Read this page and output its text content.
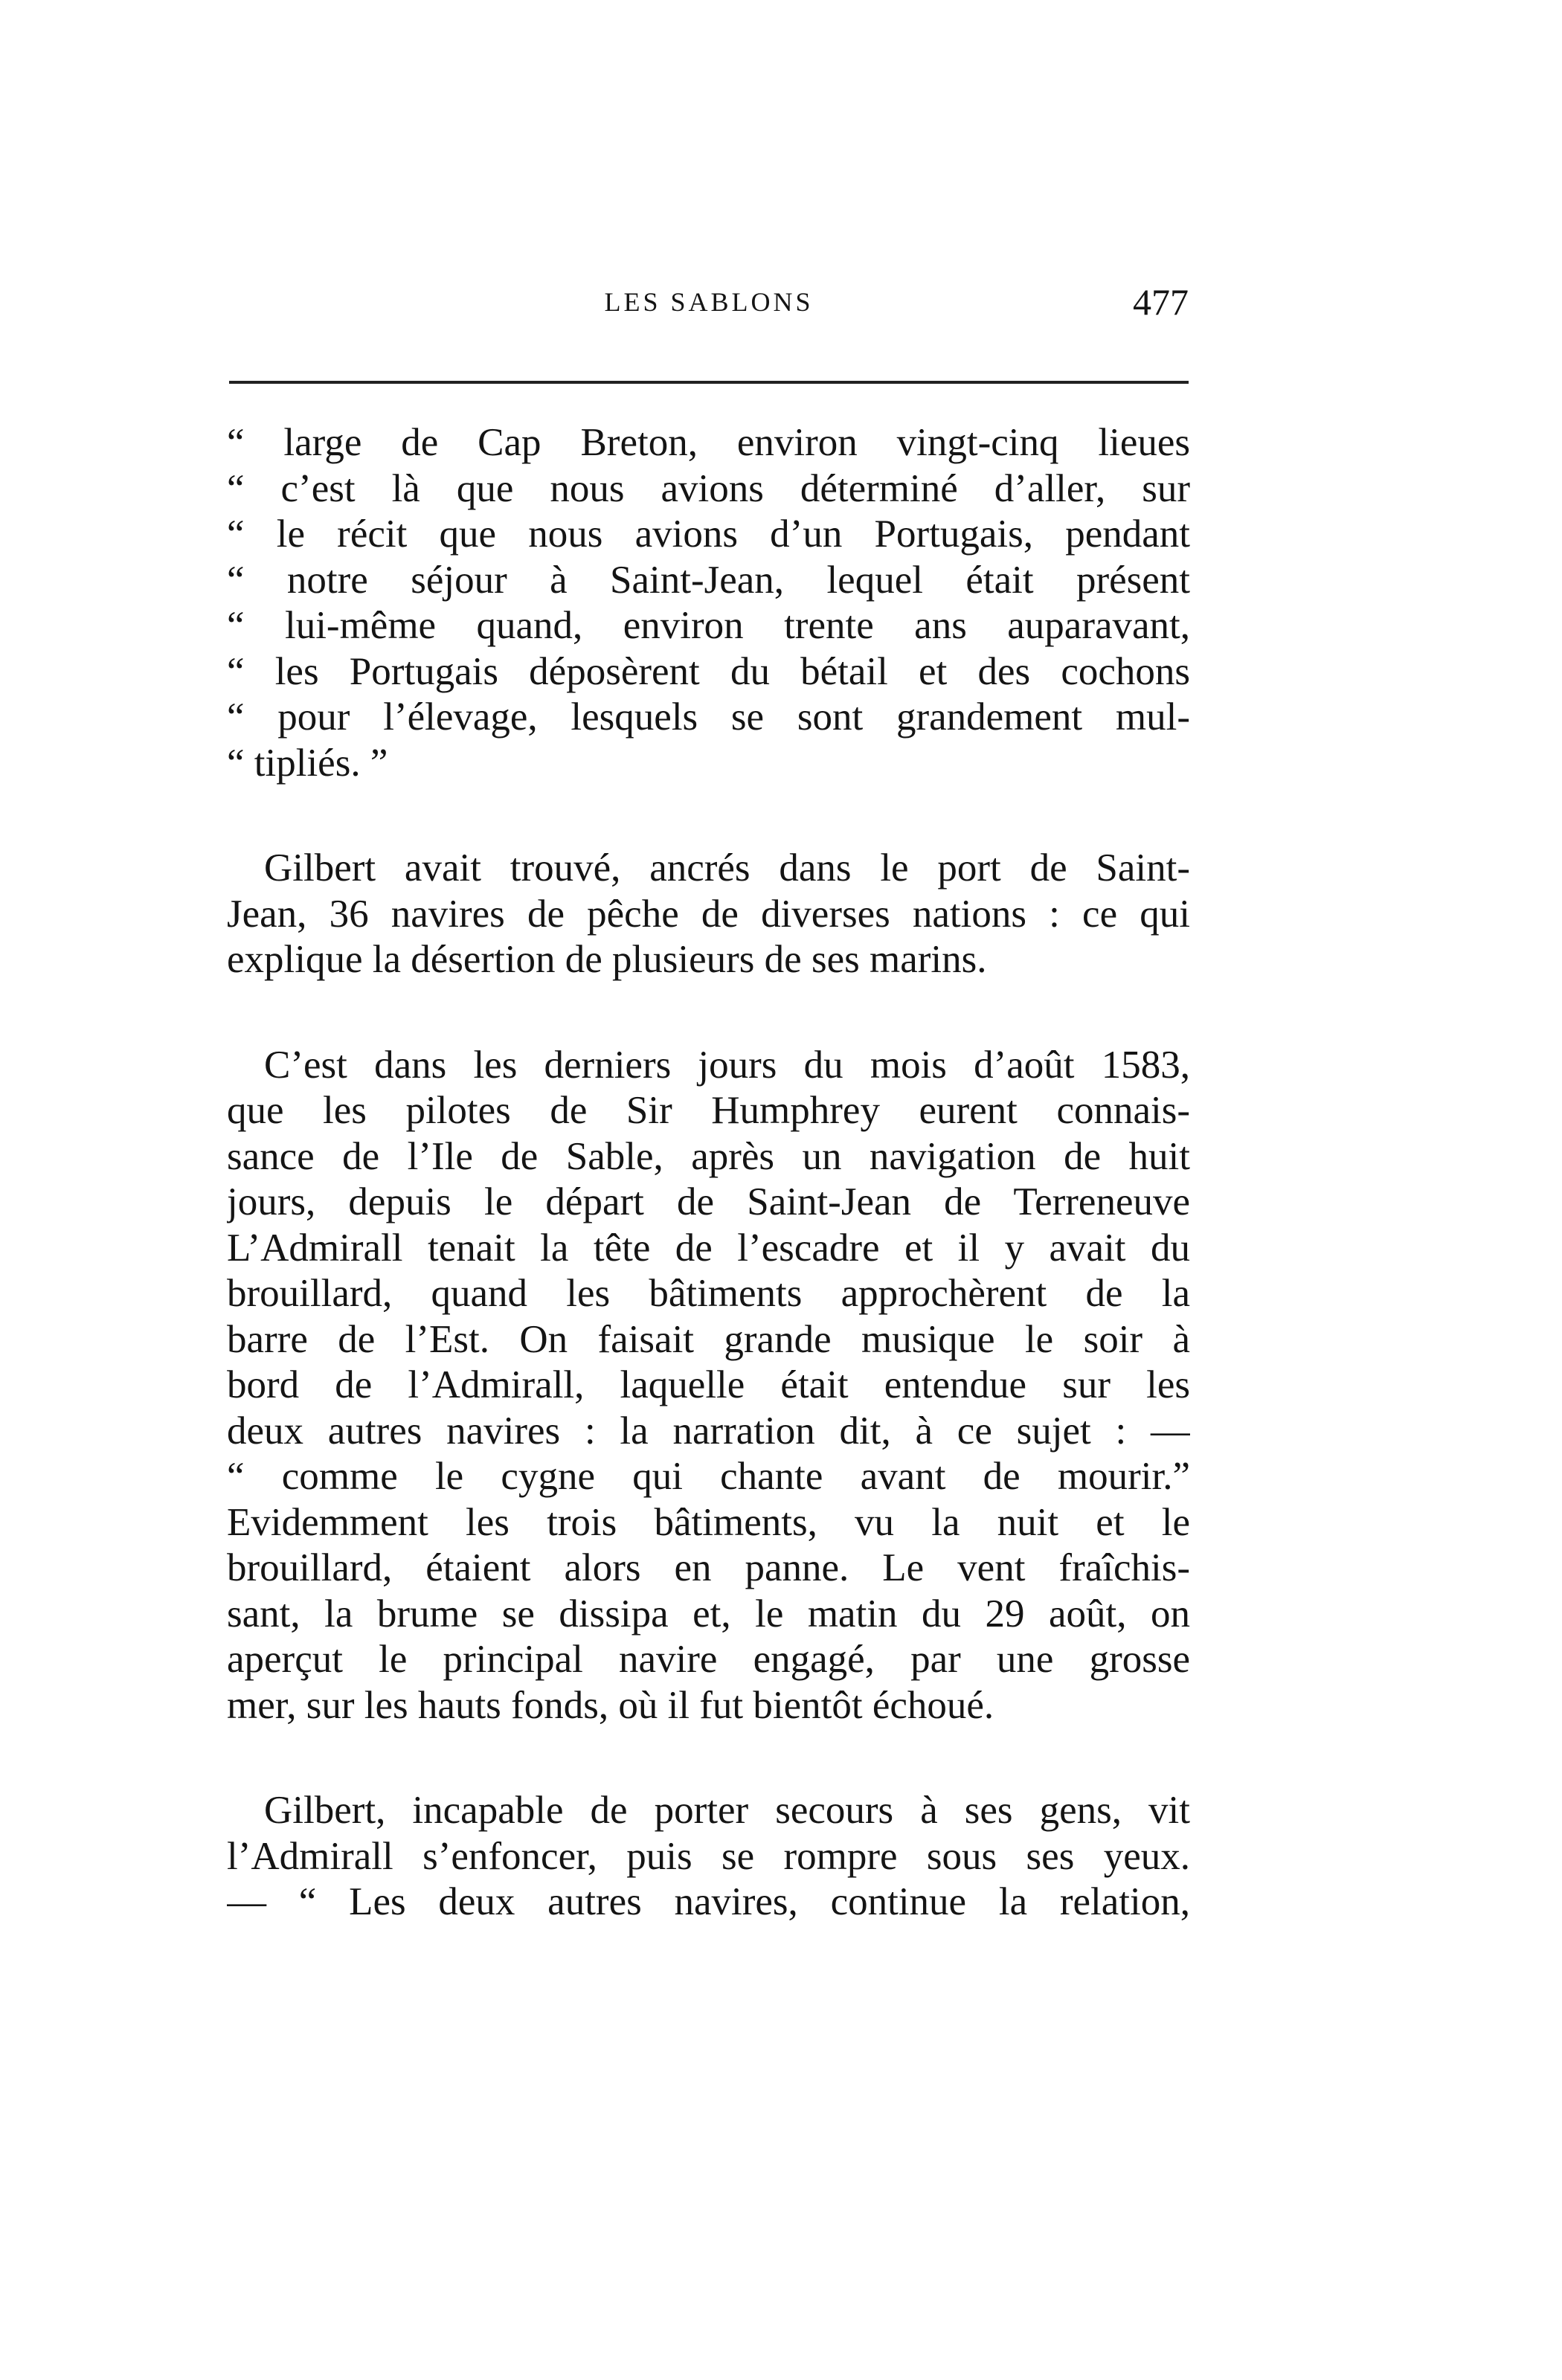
LES SABLONS	477
“ large de Cap Breton, environ vingt-cinq lieues
“ c’est là que nous avions déterminé d’aller, sur
“ le récit que nous avions d’un Portugais, pendant
“ notre séjour à Saint-Jean, lequel était présent
“ lui-même quand, environ trente ans auparavant,
“ les Portugais déposèrent du bétail et des cochons
“ pour l’élevage, lesquels se sont grandement mul-
“ tipliés. ”
Gilbert avait trouvé, ancrés dans le port de Saint-
Jean, 36 navires de pêche de diverses nations : ce qui
explique la désertion de plusieurs de ses marins.
C’est dans les derniers jours du mois d’août 1583,
que les pilotes de Sir Humphrey eurent connais-
sance de l’Ile de Sable, après un navigation de huit
jours, depuis le départ de Saint-Jean de Terreneuve
L’Admirall tenait la tête de l’escadre et il y avait du
brouillard, quand les bâtiments approchèrent de la
barre de l’Est. On faisait grande musique le soir à
bord de l’Admirall, laquelle était entendue sur les
deux autres navires : la narration dit, à ce sujet : —
“ comme le cygne qui chante avant de mourir.”
Evidemment les trois bâtiments, vu la nuit et le
brouillard, étaient alors en panne. Le vent fraîchis-
sant, la brume se dissipa et, le matin du 29 août, on
aperçut le principal navire engagé, par une grosse
mer, sur les hauts fonds, où il fut bientôt échoué.
Gilbert, incapable de porter secours à ses gens, vit
l’Admirall s’enfoncer, puis se rompre sous ses yeux.
— “ Les deux autres navires, continue la relation,
